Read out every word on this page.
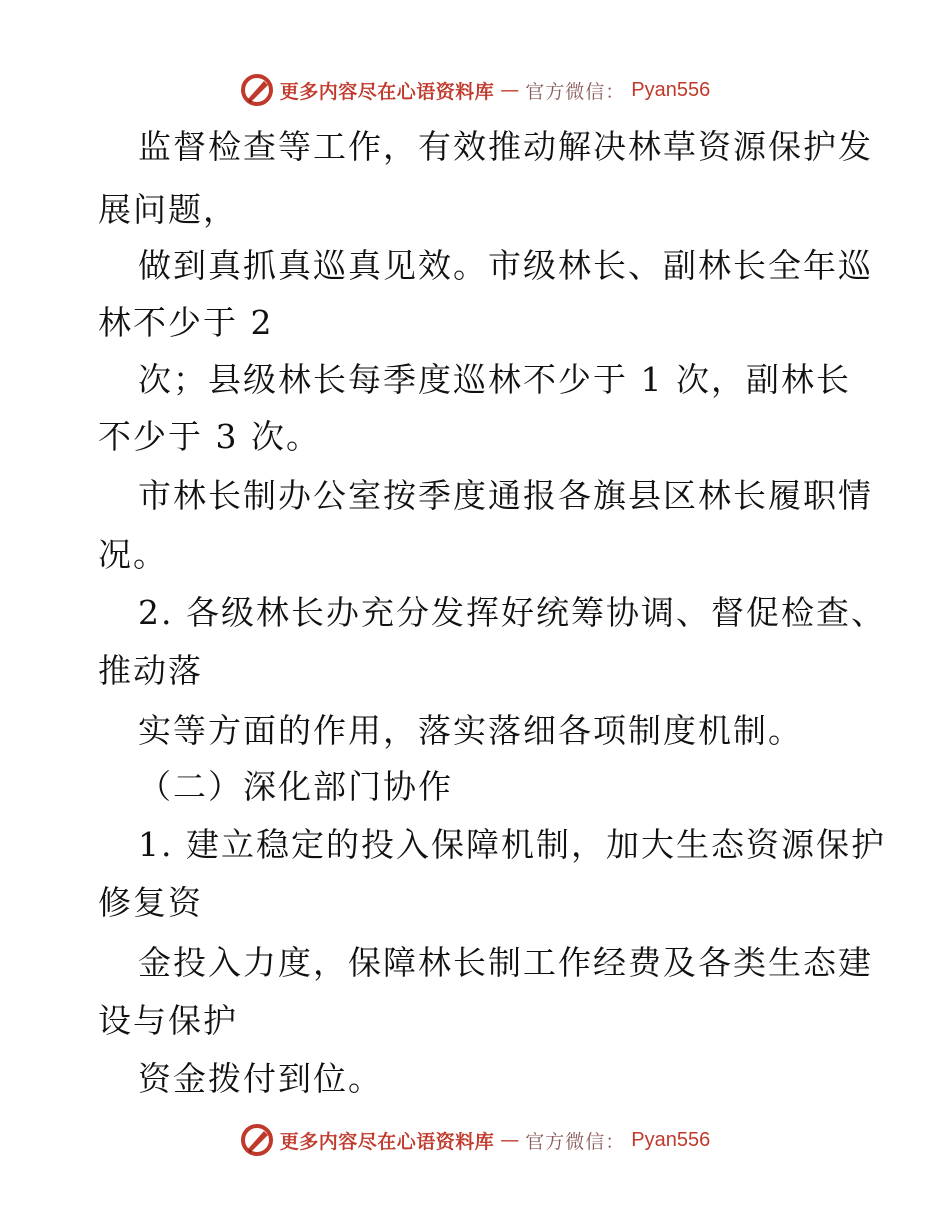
更多内容尽在心语资料库 — 官方微信： Pyan556
监督检查等工作，有效推动解决林草资源保护发
展问题，
做到真抓真巡真见效。市级林长、副林长全年巡
林不少于 2
次；县级林长每季度巡林不少于 1 次，副林长
不少于 3 次。
市林长制办公室按季度通报各旗县区林长履职情
况。
2. 各级林长办充分发挥好统筹协调、督促检查、
推动落
实等方面的作用，落实落细各项制度机制。
（二）深化部门协作
1. 建立稳定的投入保障机制，加大生态资源保护
修复资
金投入力度，保障林长制工作经费及各类生态建
设与保护
资金拨付到位。
更多内容尽在心语资料库 — 官方微信： Pyan556
